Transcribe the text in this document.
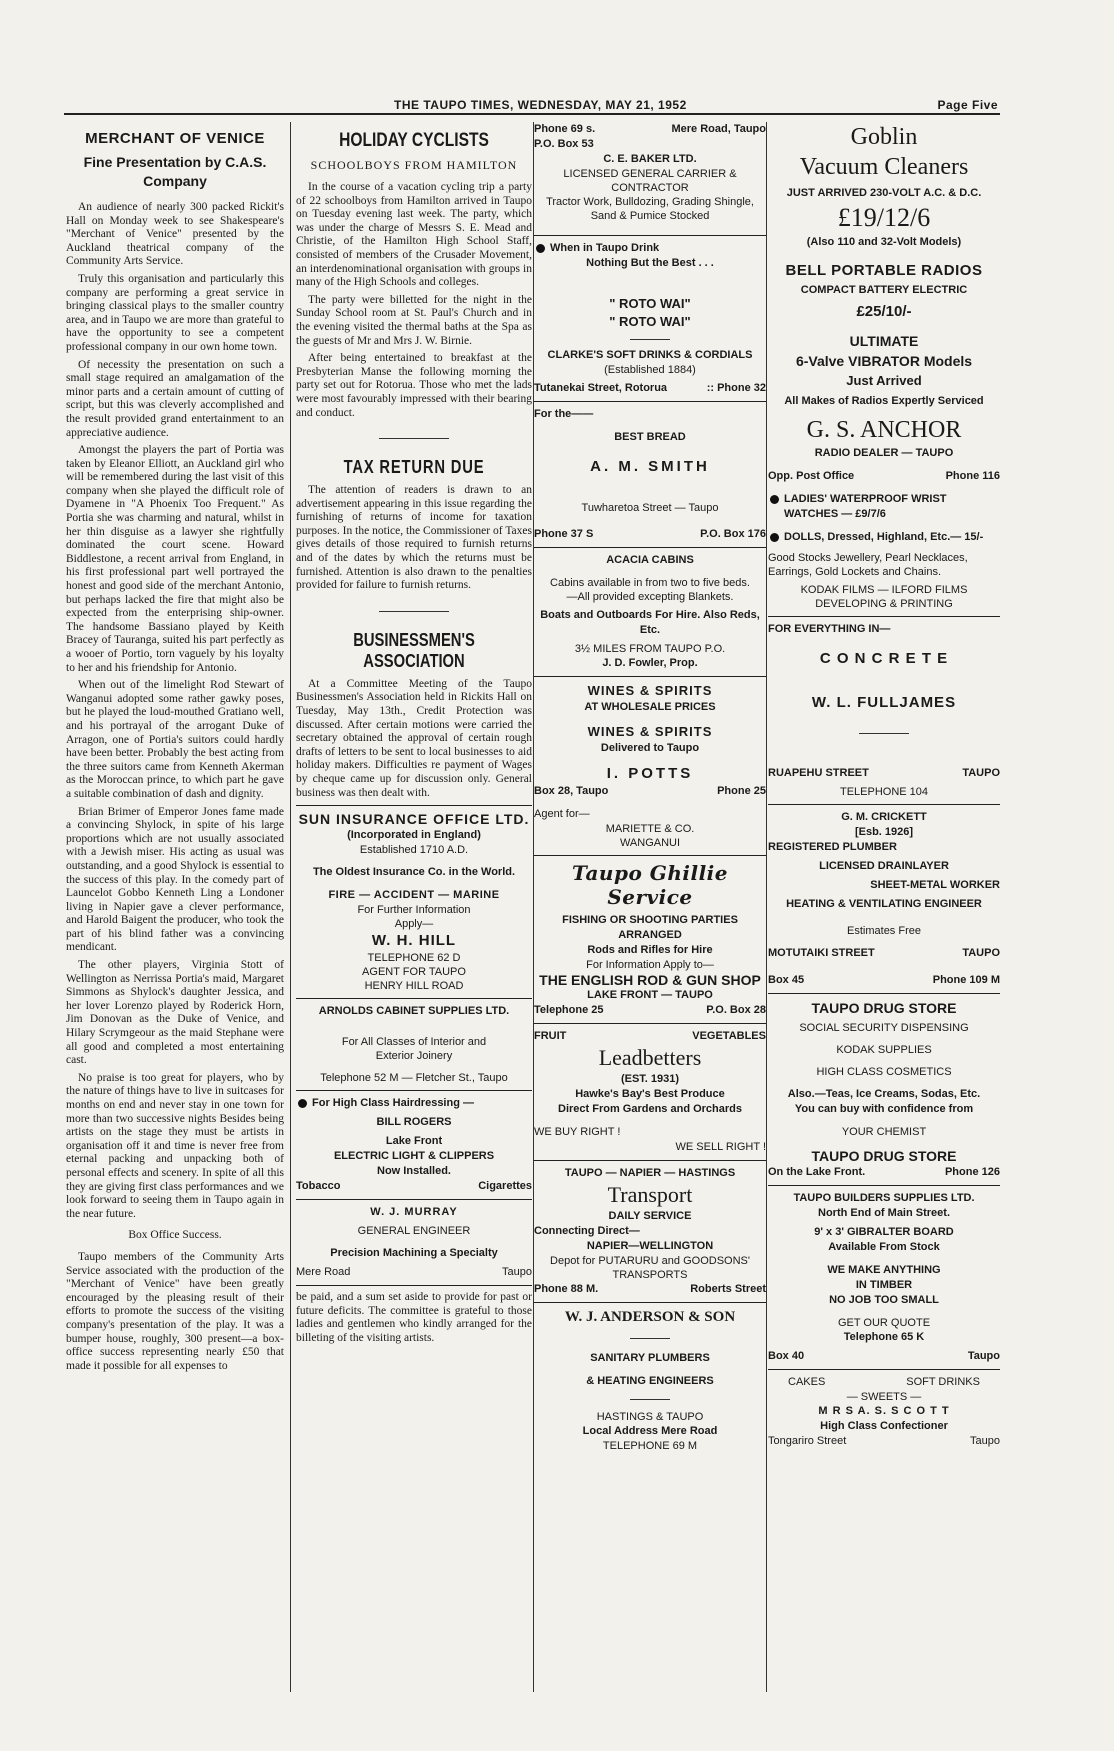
THE TAUPO TIMES, WEDNESDAY, MAY 21, 1952	Page Five
MERCHANT OF VENICE
Fine Presentation by C.A.S. Company

An audience of nearly 300 packed Rickit's Hall on Monday week to see Shakespeare's "Merchant of Venice" presented by the Auckland theatrical company of the Community Arts Service.

Truly this organisation and particularly this company are performing a great service in bringing classical plays to the smaller country area, and in Taupo we are more than grateful to have the opportunity to see a competent professional company in our own home town.

Of necessity the presentation on such a small stage required an amalgamation of the minor parts and a certain amount of cutting of script, but this was cleverly accomplished and the result provided grand entertainment to an appreciative audience.

Amongst the players the part of Portia was taken by Eleanor Elliott, an Auckland girl who will be remembered during the last visit of this company when she played the difficult role of Dyamene in "A Phoenix Too Frequent." As Portia she was charming and natural, whilst in her thin disguise as a lawyer she rightfully dominated the court scene. Howard Biddlestone, a recent arrival from England, in his first professional part well portrayed the honest and good side of the merchant Antonio, but perhaps lacked the fire that might also be expected from the enterprising ship-owner. The handsome Bassiano played by Keith Bracey of Tauranga, suited his part perfectly as a wooer of Portio, torn vaguely by his loyalty to her and his friendship for Antonio.

When out of the limelight Rod Stewart of Wanganui adopted some rather gawky poses, but he played the loud-mouthed Gratiano well, and his portrayal of the arrogant Duke of Arragon, one of Portia's suitors could hardly have been better. Probably the best acting from the three suitors came from Kenneth Akerman as the Moroccan prince, to which part he gave a suitable combination of dash and dignity.

Brian Brimer of Emperor Jones fame made a convincing Shylock, in spite of his large proportions which are not usually associated with a Jewish miser. His acting as usual was outstanding, and a good Shylock is essential to the success of this play. In the comedy part of Launcelot Gobbo Kenneth Ling a Londoner living in Napier gave a clever performance, and Harold Baigent the producer, who took the part of his blind father was a convincing mendicant.

The other players, Virginia Stott of Wellington as Nerrissa Portia's maid, Margaret Simmons as Shylock's daughter Jessica, and her lover Lorenzo played by Roderick Horn, Jim Donovan as the Duke of Venice, and Hilary Scrymgeour as the maid Stephane were all good and completed a most entertaining cast.

No praise is too great for players, who by the nature of things have to live in suitcases for months on end and never stay in one town for more than two successive nights Besides being artists on the stage they must be artists in organisation off it and time is never free from eternal packing and unpacking both of personal effects and scenery. In spite of all this they are giving first class performances and we look forward to seeing them in Taupo again in the near future.

Box Office Success.

Taupo members of the Community Arts Service associated with the production of the "Merchant of Venice" have been greatly encouraged by the pleasing result of their efforts to promote the success of the visiting company's presentation of the play. It was a bumper house, roughly, 300 present—a box-office success representing nearly £50 that made it possible for all expenses to

HOLIDAY CYCLISTS
SCHOOLBOYS FROM HAMILTON

In the course of a vacation cycling trip a party of 22 schoolboys from Hamilton arrived in Taupo on Tuesday evening last week. The party, which was under the charge of Messrs S. E. Mead and Christie, of the Hamilton High School Staff, consisted of members of the Crusader Movement, an interdenominational organisation with groups in many of the High Schools and colleges.

The party were billetted for the night in the Sunday School room at St. Paul's Church and in the evening visited the thermal baths at the Spa as the guests of Mr and Mrs J. W. Birnie.

After being entertained to breakfast at the Presbyterian Manse the following morning the party set out for Rotorua. Those who met the lads were most favourably impressed with their bearing and conduct.

TAX RETURN DUE

The attention of readers is drawn to an advertisement appearing in this issue regarding the furnishing of returns of income for taxation purposes. In the notice, the Commissioner of Taxes gives details of those required to furnish returns and of the dates by which the returns must be furnished. Attention is also drawn to the penalties provided for failure to furnish returns.

BUSINESSMEN'S ASSOCIATION

At a Committee Meeting of the Taupo Businessmen's Association held in Rickits Hall on Tuesday, May 13th., Credit Protection was discussed. After certain motions were carried the secretary obtained the approval of certain rough drafts of letters to be sent to local businesses to aid holiday makers. Difficulties re payment of Wages by cheque came up for discussion only. General business was then dealt with.

SUN INSURANCE OFFICE LTD.
(Incorporated in England)
Established 1710 A.D.
The Oldest Insurance Co. in the World.
FIRE — ACCIDENT — MARINE
For Further Information
Apply—
W. H. HILL
TELEPHONE 62 D
AGENT FOR TAUPO
HENRY HILL ROAD
ARNOLDS CABINET SUPPLIES LTD.
For All Classes of Interior and
Exterior Joinery
Telephone 52 M — Fletcher St., Taupo
For High Class Hairdressing —
BILL ROGERS
Lake Front
ELECTRIC LIGHT & CLIPPERS
Now Installed.
Tobacco	Cigarettes
W. J. MURRAY
GENERAL ENGINEER
Precision Machining a Specialty
Mere Road	Taupo

be paid, and a sum set aside to provide for past or future deficits. The committee is grateful to those ladies and gentlemen who kindly arranged for the billeting of the visiting artists.

Phone 69 s.	Mere Road, Taupo
P.O. Box 53
C. E. BAKER LTD.
LICENSED GENERAL CARRIER &
CONTRACTOR
Tractor Work, Bulldozing, Grading Shingle, Sand & Pumice Stocked
When in Taupo Drink
Nothing But the Best . . .
" ROTO WAI"
" ROTO WAI"
CLARKE'S SOFT DRINKS & CORDIALS
(Established 1884)
Tutanekai Street, Rotorua	:: Phone 32
For the——
BEST BREAD
A. M. SMITH
Tuwharetoa Street — Taupo
Phone 37 S	P.O. Box 176
ACACIA CABINS
Cabins available in from two to five beds.
—All provided excepting Blankets.
Boats and Outboards For Hire. Also Reds, Etc.
3½ MILES FROM TAUPO P.O.
J. D. Fowler, Prop.
WINES & SPIRITS
AT WHOLESALE PRICES
WINES & SPIRITS
Delivered to Taupo
I. POTTS
Box 28, Taupo	Phone 25
Agent for—
MARIETTE & CO.
WANGANUI
Taupo Ghillie Service
FISHING OR SHOOTING PARTIES
ARRANGED
Rods and Rifles for Hire
For Information Apply to—
THE ENGLISH ROD & GUN SHOP
LAKE FRONT — TAUPO
Telephone 25	P.O. Box 28
FRUIT	VEGETABLES
Leadbetters
(EST. 1931)
Hawke's Bay's Best Produce
Direct From Gardens and Orchards
WE BUY RIGHT !
WE SELL RIGHT !
TAUPO — NAPIER — HASTINGS
Transport
DAILY SERVICE
Connecting Direct—
NAPIER—WELLINGTON
Depot for PUTARURU and GOODSONS' TRANSPORTS
Phone 88 M.	Roberts Street
W. J. ANDERSON & SON
SANITARY PLUMBERS
& HEATING ENGINEERS
HASTINGS & TAUPO
Local Address Mere Road
TELEPHONE 69 M
Goblin
Vacuum Cleaners
JUST ARRIVED 230-VOLT A.C. & D.C.
£19/12/6
(Also 110 and 32-Volt Models)
BELL PORTABLE RADIOS
COMPACT BATTERY ELECTRIC
£25/10/-
ULTIMATE
6-Valve VIBRATOR Models
Just Arrived
All Makes of Radios Expertly Serviced
G. S. ANCHOR
RADIO DEALER — TAUPO
Opp. Post Office	Phone 116
LADIES' WATERPROOF WRIST WATCHES — £9/7/6
DOLLS, Dressed, Highland, Etc.— 15/-
Good Stocks Jewellery, Pearl Necklaces, Earrings, Gold Lockets and Chains.
KODAK FILMS — ILFORD FILMS
DEVELOPING & PRINTING
FOR EVERYTHING IN—
C O N C R E T E
W. L. FULLJAMES
RUAPEHU STREET	TAUPO
TELEPHONE 104
G. M. CRICKETT
[Esb. 1926]
REGISTERED PLUMBER
LICENSED DRAINLAYER
SHEET-METAL WORKER
HEATING & VENTILATING ENGINEER
Estimates Free
MOTUTAIKI STREET	TAUPO
Box 45	Phone 109 M
TAUPO DRUG STORE
SOCIAL SECURITY DISPENSING
KODAK SUPPLIES
HIGH CLASS COSMETICS
Also.—Teas, Ice Creams, Sodas, Etc.
You can buy with confidence from
YOUR CHEMIST
TAUPO DRUG STORE
On the Lake Front.	Phone 126
TAUPO BUILDERS SUPPLIES LTD.
North End of Main Street.
9' x 3' GIBRALTER BOARD
Available From Stock
WE MAKE ANYTHING
IN TIMBER
NO JOB TOO SMALL
GET OUR QUOTE
Telephone 65 K
Box 40	Taupo
CAKES	SOFT DRINKS
— SWEETS —
M R S A. S. S C O T T
High Class Confectioner
Tongariro Street	Taupo
